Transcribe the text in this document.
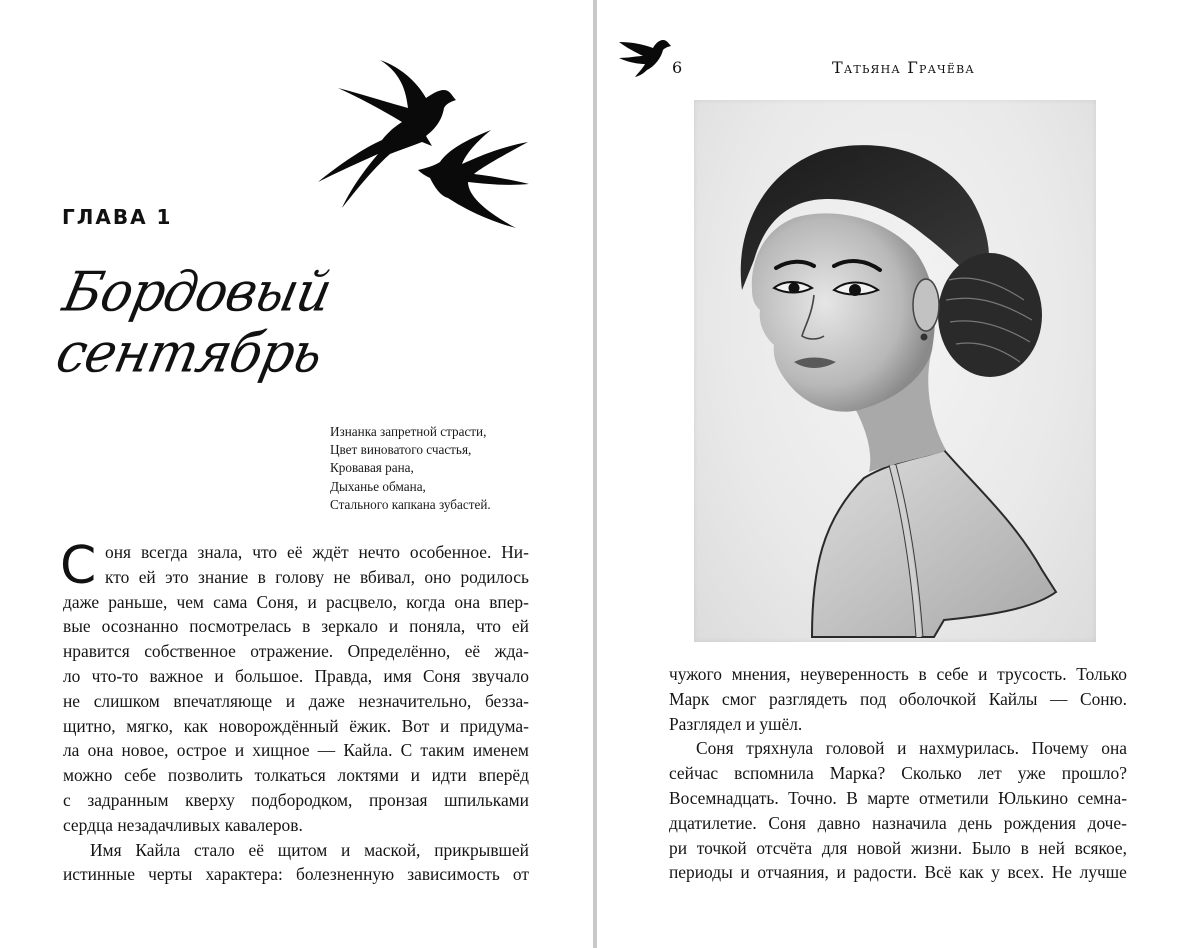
ГЛАВА 1
Бордовый
сентябрь
Изнанка запретной страсти,
Цвет виноватого счастья,
Кровавая рана,
Дыханье обмана,
Стального капкана зубастей.
С оня всегда знала, что её ждёт нечто особенное. Ни-
кто ей это знание в голову не вбивал, оно родилось
даже раньше, чем сама Соня, и расцвело, когда она впер-
вые осознанно посмотрелась в зеркало и поняла, что ей
нравится собственное отражение. Определённо, её жда-
ло что-то важное и большое. Правда, имя Соня звучало
не слишком впечатляюще и даже незначительно, безза-
щитно, мягко, как новорождённый ёжик. Вот и придума-
ла она новое, острое и хищное — Кайла. С таким именем
можно себе позволить толкаться локтями и идти вперёд
с задранным кверху подбородком, пронзая шпильками
сердца незадачливых кавалеров.
Имя Кайла стало её щитом и маской, прикрывшей
истинные черты характера: болезненную зависимость от
6	Татьяна Грачёва
чужого мнения, неуверенность в себе и трусость. Только
Марк смог разглядеть под оболочкой Кайлы — Соню.
Разглядел и ушёл.
Соня тряхнула головой и нахмурилась. Почему она
сейчас вспомнила Марка? Сколько лет уже прошло?
Восемнадцать. Точно. В марте отметили Юлькино семна-
дцатилетие. Соня давно назначила день рождения доче-
ри точкой отсчёта для новой жизни. Было в ней всякое,
периоды и отчаяния, и радости. Всё как у всех. Не лучше
